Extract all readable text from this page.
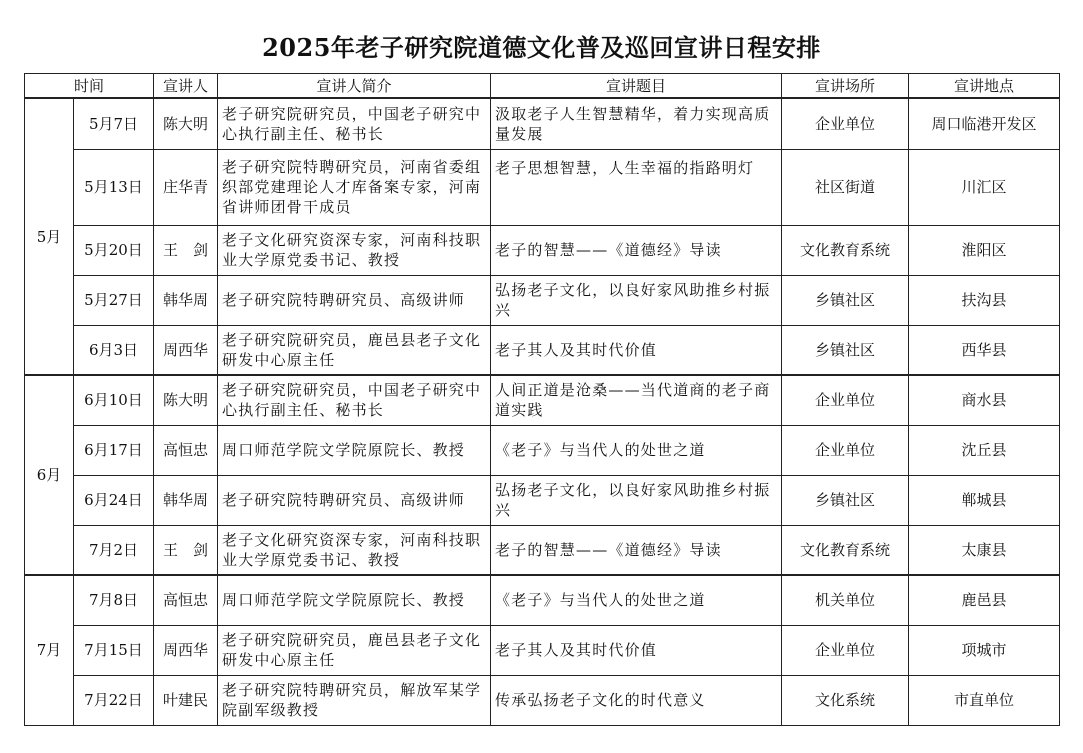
2025年老子研究院道德文化普及巡回宣讲日程安排
时间		宣讲人	宣讲人简介	宣讲题目	宣讲场所	宣讲地点
5月	5月7日	陈大明	老子研究院研究员，中国老子研究中心执行副主任、秘书长	汲取老子人生智慧精华，着力实现高质量发展	企业单位	周口临港开发区
	5月13日	庄华青	老子研究院特聘研究员，河南省委组织部党建理论人才库备案专家，河南省讲师团骨干成员	老子思想智慧，人生幸福的指路明灯	社区街道	川汇区
	5月20日	王　剑	老子文化研究资深专家，河南科技职业大学原党委书记、教授	老子的智慧——《道德经》导读	文化教育系统	淮阳区
	5月27日	韩华周	老子研究院特聘研究员、高级讲师	弘扬老子文化，以良好家风助推乡村振兴	乡镇社区	扶沟县
	6月3日	周西华	老子研究院研究员，鹿邑县老子文化研发中心原主任	老子其人及其时代价值	乡镇社区	西华县
6月	6月10日	陈大明	老子研究院研究员，中国老子研究中心执行副主任、秘书长	人间正道是沧桑——当代道商的老子商道实践	企业单位	商水县
	6月17日	高恒忠	周口师范学院文学院原院长、教授	《老子》与当代人的处世之道	企业单位	沈丘县
	6月24日	韩华周	老子研究院特聘研究员、高级讲师	弘扬老子文化，以良好家风助推乡村振兴	乡镇社区	郸城县
	7月2日	王　剑	老子文化研究资深专家，河南科技职业大学原党委书记、教授	老子的智慧——《道德经》导读	文化教育系统	太康县
7月	7月8日	高恒忠	周口师范学院文学院原院长、教授	《老子》与当代人的处世之道	机关单位	鹿邑县
	7月15日	周西华	老子研究院研究员，鹿邑县老子文化研发中心原主任	老子其人及其时代价值	企业单位	项城市
	7月22日	叶建民	老子研究院特聘研究员，解放军某学院副军级教授	传承弘扬老子文化的时代意义	文化系统	市直单位
